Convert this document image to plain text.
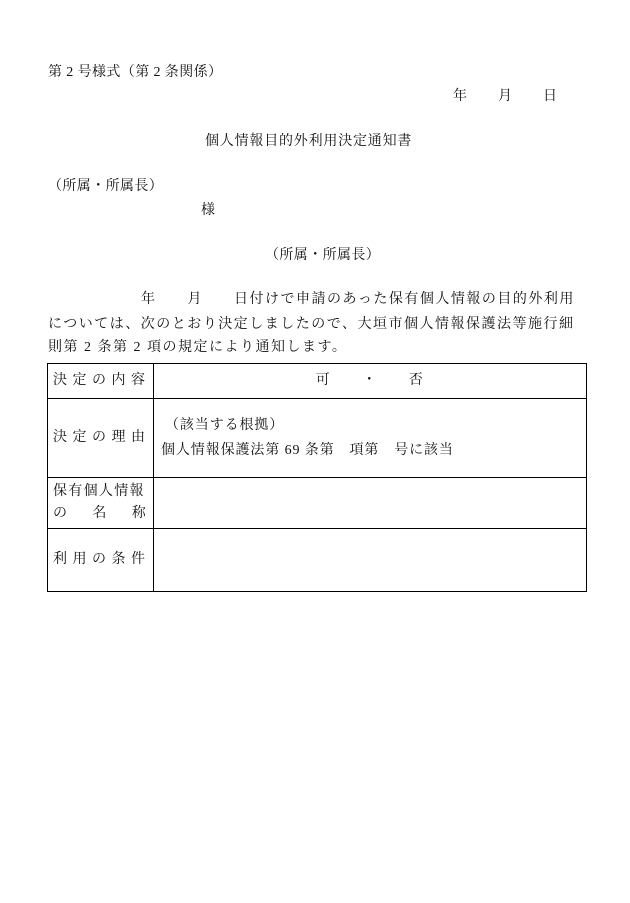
第 2 号様式（第 2 条関係）
年　　月　　日
個人情報目的外利用決定通知書
（所属・所属長）
様
（所属・所属長）
年　　月　　日付けで申請のあった保有個人情報の目的外利用
については、次のとおり決定しましたので、大垣市個人情報保護法等施行細
則第 2 条第 2 項の規定により通知します。
決 定 の 内 容	可　　・　　否

決 定 の 理 由	（該当する根拠）
個人情報保護法第 69 条第　項第　号に該当

保有個人情報
の　名　称	

利 用 の 条 件	
